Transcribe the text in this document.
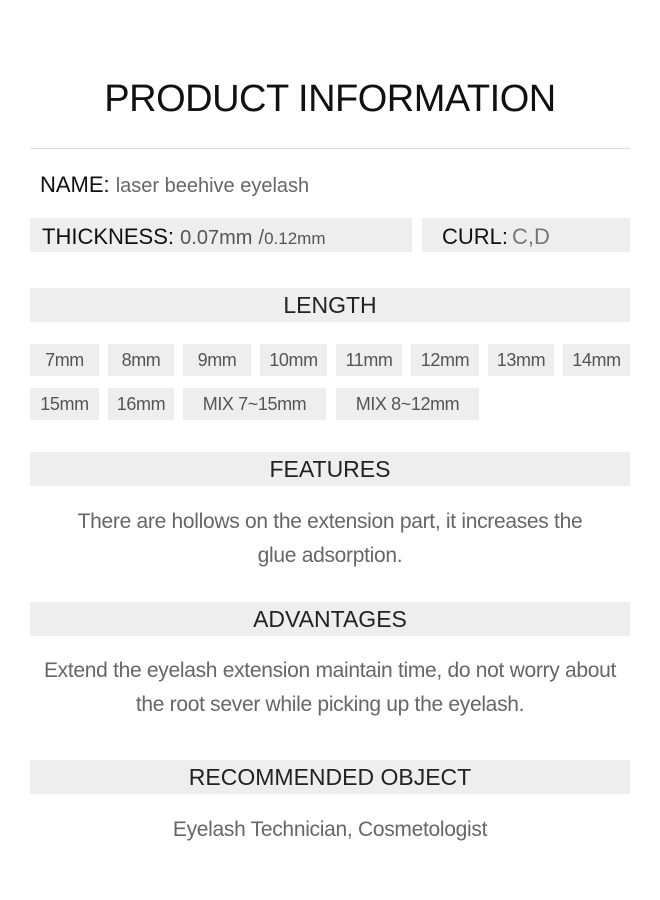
PRODUCT INFORMATION
NAME: laser beehive eyelash
THICKNESS: 0.07mm /0.12mm	CURL: C,D
LENGTH
7mm	8mm	9mm	10mm	11mm	12mm	13mm	14mm
15mm	16mm	MIX 7~15mm	MIX 8~12mm
FEATURES
There are hollows on the extension part, it increases the
glue adsorption.
ADVANTAGES
Extend the eyelash extension maintain time, do not worry about
the root sever while picking up the eyelash.
RECOMMENDED OBJECT
Eyelash Technician, Cosmetologist
